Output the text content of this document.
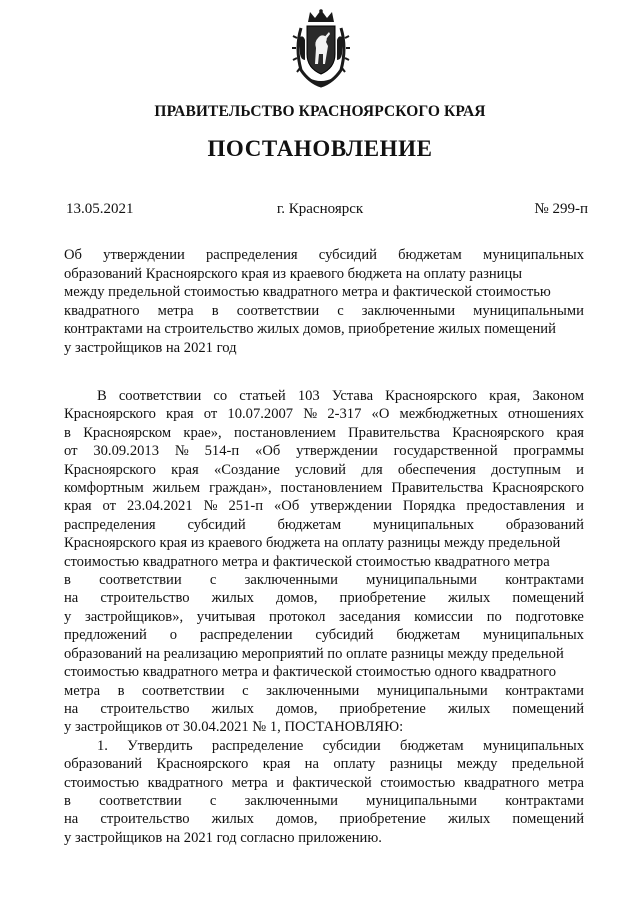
ПРАВИТЕЛЬСТВО КРАСНОЯРСКОГО КРАЯ
ПОСТАНОВЛЕНИЕ
13.05.2021	г. Красноярск	№ 299-п
Об утверждении распределения субсидий бюджетам муниципальных
образований Красноярского края из краевого бюджета на оплату разницы
между предельной стоимостью квадратного метра и фактической стоимостью
квадратного метра в соответствии с заключенными муниципальными
контрактами на строительство жилых домов, приобретение жилых помещений
у застройщиков на 2021 год
В соответствии со статьей 103 Устава Красноярского края, Законом
Красноярского края от 10.07.2007 № 2-317 «О межбюджетных отношениях
в Красноярском крае», постановлением Правительства Красноярского края
от 30.09.2013 № 514-п «Об утверждении государственной программы
Красноярского края «Создание условий для обеспечения доступным и
комфортным жильем граждан», постановлением Правительства Красноярского
края от 23.04.2021 № 251-п «Об утверждении Порядка предоставления и
распределения субсидий бюджетам муниципальных образований
Красноярского края из краевого бюджета на оплату разницы между предельной
стоимостью квадратного метра и фактической стоимостью квадратного метра
в соответствии с заключенными муниципальными контрактами
на строительство жилых домов, приобретение жилых помещений
у застройщиков», учитывая протокол заседания комиссии по подготовке
предложений о распределении субсидий бюджетам муниципальных
образований на реализацию мероприятий по оплате разницы между предельной
стоимостью квадратного метра и фактической стоимостью одного квадратного
метра в соответствии с заключенными муниципальными контрактами
на строительство жилых домов, приобретение жилых помещений
у застройщиков от 30.04.2021 № 1, ПОСТАНОВЛЯЮ:
1. Утвердить распределение субсидии бюджетам муниципальных
образований Красноярского края на оплату разницы между предельной
стоимостью квадратного метра и фактической стоимостью квадратного метра
в соответствии с заключенными муниципальными контрактами
на строительство жилых домов, приобретение жилых помещений
у застройщиков на 2021 год согласно приложению.
